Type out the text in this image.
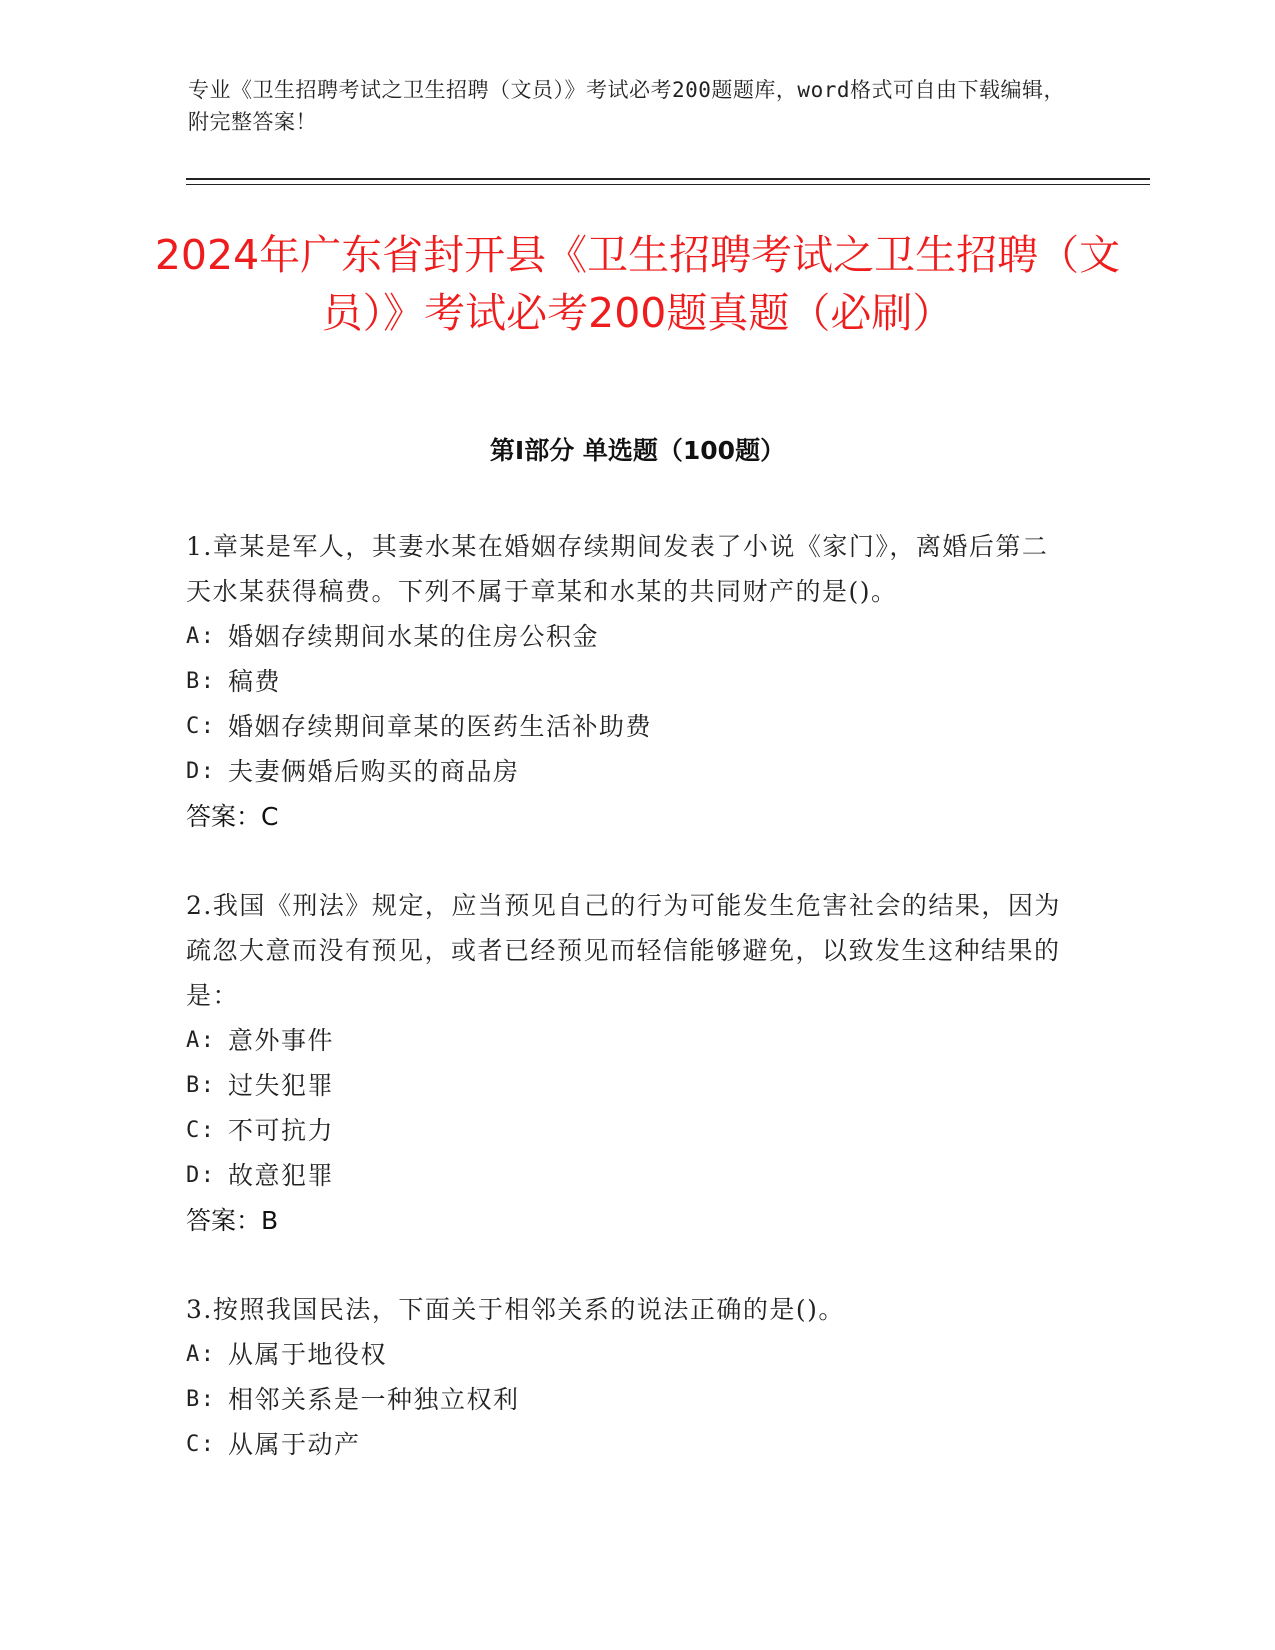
专业《卫生招聘考试之卫生招聘（文员）》考试必考200题题库，word格式可自由下载编辑，附完整答案！
2024年广东省封开县《卫生招聘考试之卫生招聘（文员）》考试必考200题真题（必刷）
第I部分 单选题（100题）

1.章某是军人，其妻水某在婚姻存续期间发表了小说《家门》，离婚后第二天水某获得稿费。下列不属于章某和水某的共同财产的是()。

A: 婚姻存续期间水某的住房公积金

B: 稿费

C: 婚姻存续期间章某的医药生活补助费

D: 夫妻俩婚后购买的商品房

答案：C

2.我国《刑法》规定，应当预见自己的行为可能发生危害社会的结果，因为疏忽大意而没有预见，或者已经预见而轻信能够避免，以致发生这种结果的是：

A: 意外事件

B: 过失犯罪

C: 不可抗力

D: 故意犯罪

答案：B

3.按照我国民法，下面关于相邻关系的说法正确的是()。

A: 从属于地役权

B: 相邻关系是一种独立权利

C: 从属于动产
